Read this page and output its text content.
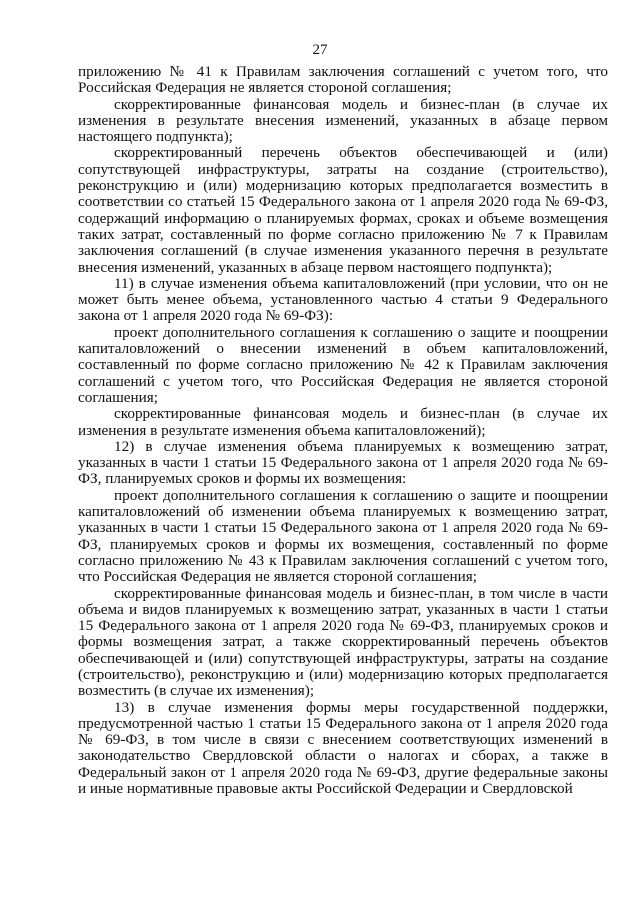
27

приложению № 41 к Правилам заключения соглашений с учетом того, что Российская Федерация не является стороной соглашения;

скорректированные финансовая модель и бизнес-план (в случае их изменения в результате внесения изменений, указанных в абзаце первом настоящего подпункта);

скорректированный перечень объектов обеспечивающей и (или) сопутствующей инфраструктуры, затраты на создание (строительство), реконструкцию и (или) модернизацию которых предполагается возместить в соответствии со статьей 15 Федерального закона от 1 апреля 2020 года № 69-ФЗ, содержащий информацию о планируемых формах, сроках и объеме возмещения таких затрат, составленный по форме согласно приложению № 7 к Правилам заключения соглашений (в случае изменения указанного перечня в результате внесения изменений, указанных в абзаце первом настоящего подпункта);

11) в случае изменения объема капиталовложений (при условии, что он не может быть менее объема, установленного частью 4 статьи 9 Федерального закона от 1 апреля 2020 года № 69-ФЗ):

проект дополнительного соглашения к соглашению о защите и поощрении капиталовложений о внесении изменений в объем капиталовложений, составленный по форме согласно приложению № 42 к Правилам заключения соглашений с учетом того, что Российская Федерация не является стороной соглашения;

скорректированные финансовая модель и бизнес-план (в случае их изменения в результате изменения объема капиталовложений);

12) в случае изменения объема планируемых к возмещению затрат, указанных в части 1 статьи 15 Федерального закона от 1 апреля 2020 года № 69-ФЗ, планируемых сроков и формы их возмещения:

проект дополнительного соглашения к соглашению о защите и поощрении капиталовложений об изменении объема планируемых к возмещению затрат, указанных в части 1 статьи 15 Федерального закона от 1 апреля 2020 года № 69-ФЗ, планируемых сроков и формы их возмещения, составленный по форме согласно приложению № 43 к Правилам заключения соглашений с учетом того, что Российская Федерация не является стороной соглашения;

скорректированные финансовая модель и бизнес-план, в том числе в части объема и видов планируемых к возмещению затрат, указанных в части 1 статьи 15 Федерального закона от 1 апреля 2020 года № 69-ФЗ, планируемых сроков и формы возмещения затрат, а также скорректированный перечень объектов обеспечивающей и (или) сопутствующей инфраструктуры, затраты на создание (строительство), реконструкцию и (или) модернизацию которых предполагается возместить (в случае их изменения);

13) в случае изменения формы меры государственной поддержки, предусмотренной частью 1 статьи 15 Федерального закона от 1 апреля 2020 года № 69-ФЗ, в том числе в связи с внесением соответствующих изменений в законодательство Свердловской области о налогах и сборах, а также в Федеральный закон от 1 апреля 2020 года № 69-ФЗ, другие федеральные законы и иные нормативные правовые акты Российской Федерации и Свердловской
